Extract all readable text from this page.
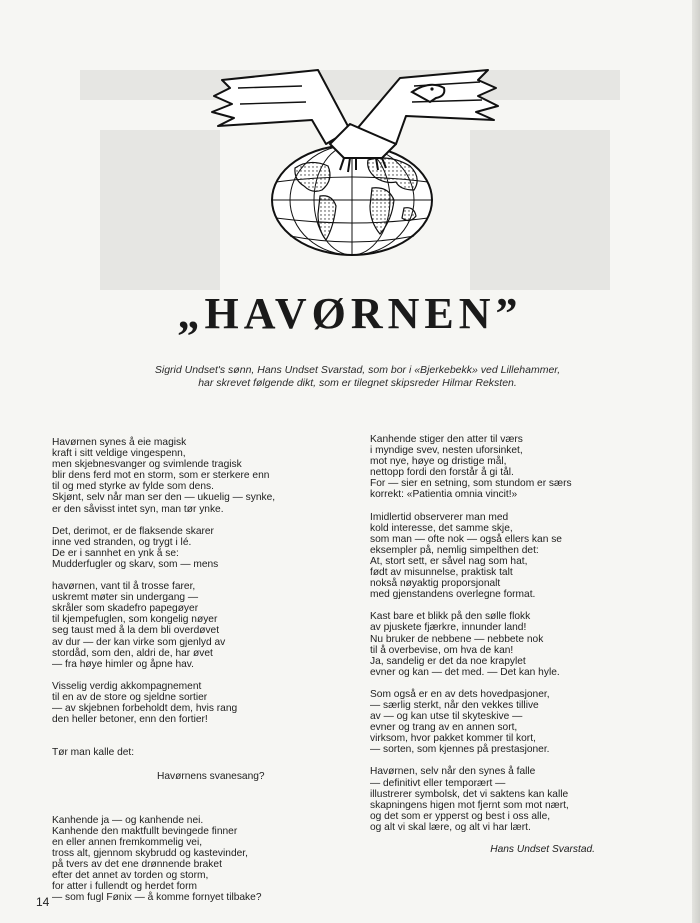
„HAVØRNEN”
Sigrid Undset's sønn, Hans Undset Svarstad, som bor i «Bjerkebekk» ved Lillehammer,
har skrevet følgende dikt, som er tilegnet skipsreder Hilmar Reksten.
Havørnen synes å eie magisk
kraft i sitt veldige vingespenn,
men skjebnesvanger og svimlende tragisk
blir dens ferd mot en storm, som er sterkere enn
til og med styrke av fylde som dens.
Skjønt, selv når man ser den — ukuelig — synke,
er den såvisst intet syn, man tør ynke.
Det, derimot, er de flaksende skarer
inne ved stranden, og trygt i lé.
De er i sannhet en ynk å se:
Mudderfugler og skarv, som — mens
havørnen, vant til å trosse farer,
uskremt møter sin undergang —
skråler som skadefro papegøyer
til kjempefuglen, som kongelig nøyer
seg taust med å la dem bli overdøvet
av dur — der kan virke som gjenlyd av
stordåd, som den, aldri de, har øvet
— fra høye himler og åpne hav.
Visselig verdig akkompagnement
til en av de store og sjeldne sortier
— av skjebnen forbeholdt dem, hvis rang
den heller betoner, enn den fortier!

Tør man kalle det:

Havørnens svanesang?

Kanhende ja — og kanhende nei.
Kanhende den maktfullt bevingede finner
en eller annen fremkommelig vei,
tross alt, gjennom skybrudd og kastevinder,
på tvers av det ene drønnende braket
efter det annet av torden og storm,
for atter i fullendt og herdet form
— som fugl Føniх — å komme fornyet tilbake?
Kanhende stiger den atter til værs
i myndige svev, nesten uforsinket,
mot nye, høye og dristige mål,
nettopp fordi den forstår å gi tål.
For — sier en setning, som stundom er særs
korrekt: «Patientia omnia vincit!»
Imidlertid observerer man med
kold interesse, det samme skje,
som man — ofte nok — også ellers kan se
eksempler på, nemlig simpelthen det:
At, stort sett, er såvel nag som hat,
født av misunnelse, praktisk talt
nokså nøyaktig proporsjonalt
med gjenstandens overlegne format.
Kast bare et blikk på den sølle flokk
av pjuskete fjærkre, innunder land!
Nu bruker de nebbene — nebbete nok
til å overbevise, om hva de kan!
Ja, sandelig er det da noe krapylet
evner og kan — det med. — Det kan hyle.
Som også er en av dets hovedpasjoner,
— særlig sterkt, når den vekkes tillive
av — og kan utse til skyteskive —
evner og trang av en annen sort,
virksom, hvor pakket kommer til kort,
— sorten, som kjennes på prestasjoner.
Havørnen, selv når den synes å falle
— definitivt eller temporært —
illustrerer symbolsk, det vi saktens kan kalle
skapningens higen mot fjernt som mot nært,
og det som er ypperst og best i oss alle,
og alt vi skal lære, og alt vi har lært.
Hans Undset Svarstad.
14
